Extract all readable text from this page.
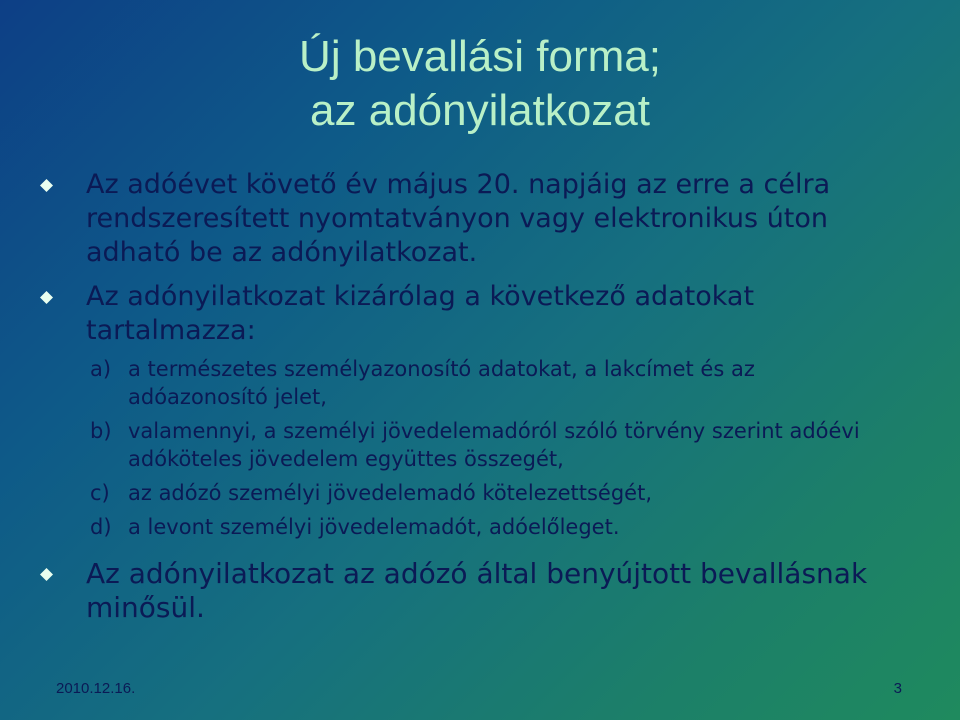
Új bevallási forma;
az adónyilatkozat
Az adóévet követő év május 20. napjáig az erre a célra rendszeresített nyomtatványon vagy elektronikus úton adható be az adónyilatkozat.
Az adónyilatkozat kizárólag a következő adatokat tartalmazza:
a) a természetes személyazonosító adatokat, a lakcímet és az adóazonosító jelet,
b) valamennyi, a személyi jövedelemadóról szóló törvény szerint adóévi adóköteles jövedelem együttes összegét,
c) az adózó személyi jövedelemadó kötelezettségét,
d) a levont személyi jövedelemadót, adóelőleget.
Az adónyilatkozat az adózó által benyújtott bevallásnak minősül.
2010.12.16.	3
